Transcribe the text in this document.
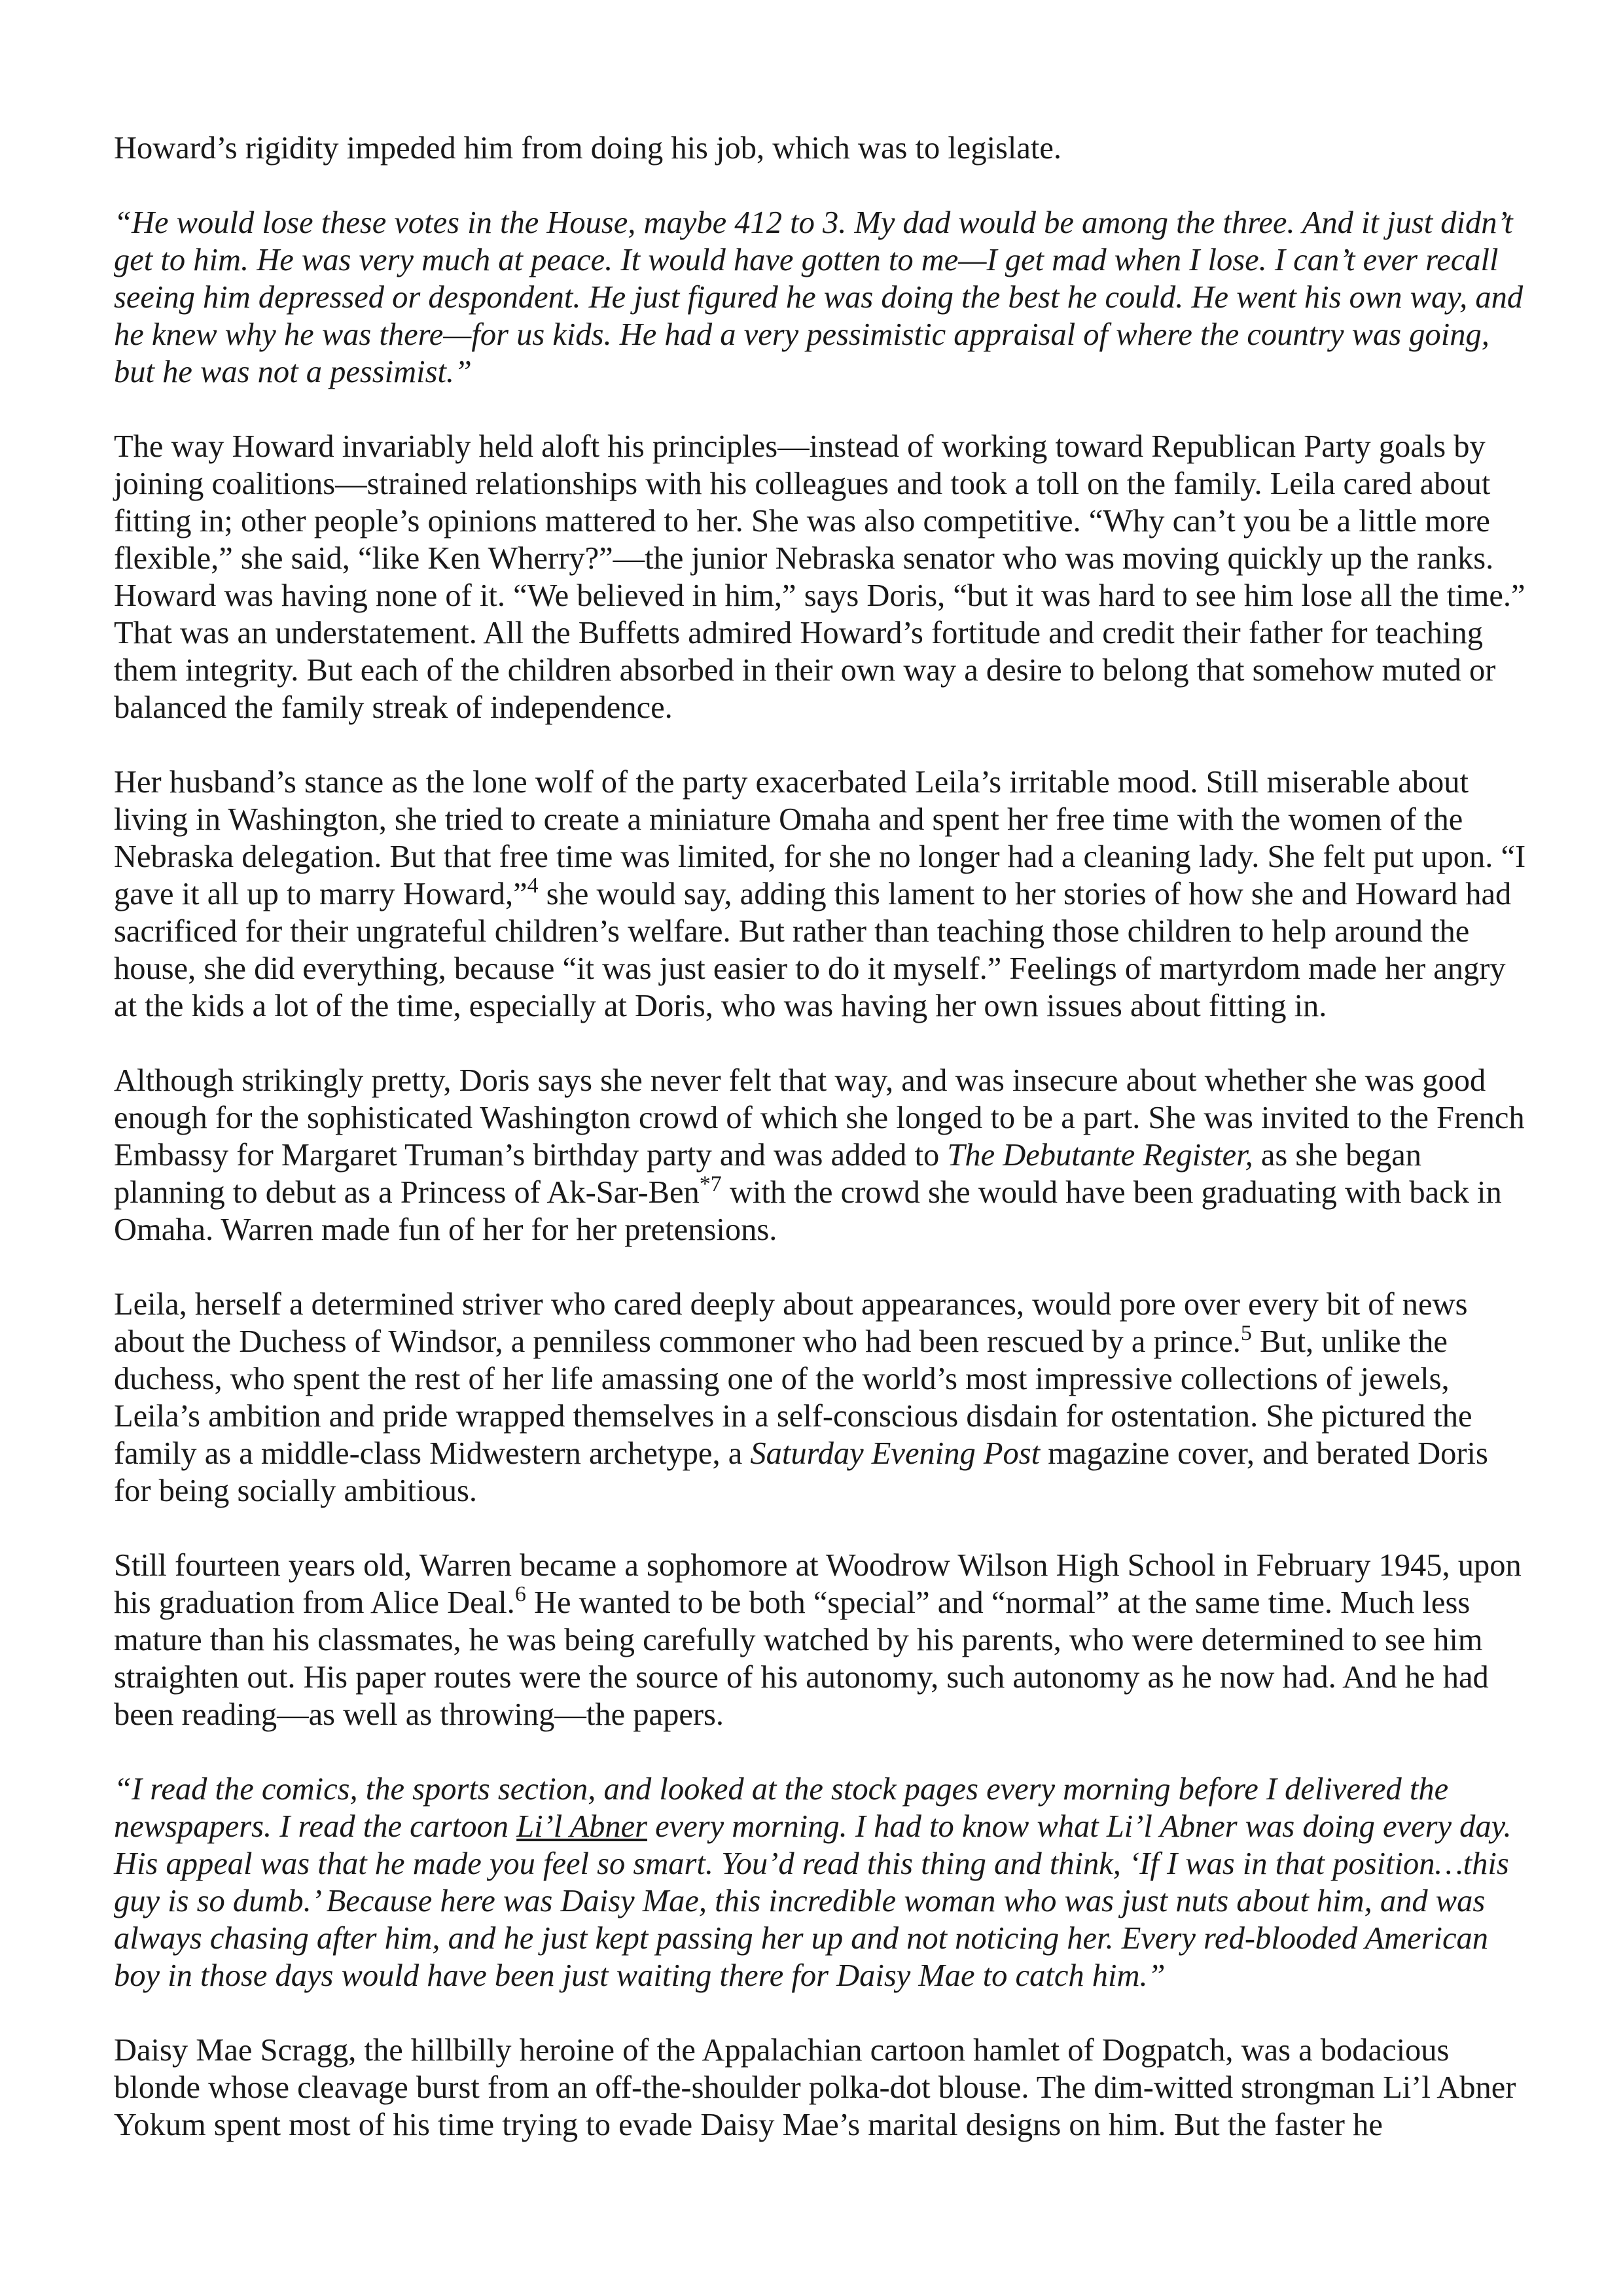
Howard’s rigidity impeded him from doing his job, which was to legislate.

“He would lose these votes in the House, maybe 412 to 3. My dad would be among the three. And it just didn’t get to him. He was very much at peace. It would have gotten to me—I get mad when I lose. I can’t ever recall seeing him depressed or despondent. He just figured he was doing the best he could. He went his own way, and he knew why he was there—for us kids. He had a very pessimistic appraisal of where the country was going, but he was not a pessimist.”

The way Howard invariably held aloft his principles—instead of working toward Republican Party goals by joining coalitions—strained relationships with his colleagues and took a toll on the family. Leila cared about fitting in; other people’s opinions mattered to her. She was also competitive. “Why can’t you be a little more flexible,” she said, “like Ken Wherry?”—the junior Nebraska senator who was moving quickly up the ranks. Howard was having none of it. “We believed in him,” says Doris, “but it was hard to see him lose all the time.” That was an understatement. All the Buffetts admired Howard’s fortitude and credit their father for teaching them integrity. But each of the children absorbed in their own way a desire to belong that somehow muted or balanced the family streak of independence.

Her husband’s stance as the lone wolf of the party exacerbated Leila’s irritable mood. Still miserable about living in Washington, she tried to create a miniature Omaha and spent her free time with the women of the Nebraska delegation. But that free time was limited, for she no longer had a cleaning lady. She felt put upon. “I gave it all up to marry Howard,”$^4$ she would say, adding this lament to her stories of how she and Howard had sacrificed for their ungrateful children’s welfare. But rather than teaching those children to help around the house, she did everything, because “it was just easier to do it myself.” Feelings of martyrdom made her angry at the kids a lot of the time, especially at Doris, who was having her own issues about fitting in.

Although strikingly pretty, Doris says she never felt that way, and was insecure about whether she was good enough for the sophisticated Washington crowd of which she longed to be a part. She was invited to the French Embassy for Margaret Truman’s birthday party and was added to The Debutante Register, as she began planning to debut as a Princess of Ak-Sar-Ben$^{*7}$ with the crowd she would have been graduating with back in Omaha. Warren made fun of her for her pretensions.

Leila, herself a determined striver who cared deeply about appearances, would pore over every bit of news about the Duchess of Windsor, a penniless commoner who had been rescued by a prince.$^5$ But, unlike the duchess, who spent the rest of her life amassing one of the world’s most impressive collections of jewels, Leila’s ambition and pride wrapped themselves in a self-conscious disdain for ostentation. She pictured the family as a middle-class Midwestern archetype, a Saturday Evening Post magazine cover, and berated Doris for being socially ambitious.

Still fourteen years old, Warren became a sophomore at Woodrow Wilson High School in February 1945, upon his graduation from Alice Deal.$^6$ He wanted to be both “special” and “normal” at the same time. Much less mature than his classmates, he was being carefully watched by his parents, who were determined to see him straighten out. His paper routes were the source of his autonomy, such autonomy as he now had. And he had been reading—as well as throwing—the papers.

“I read the comics, the sports section, and looked at the stock pages every morning before I delivered the newspapers. I read the cartoon Li’l Abner every morning. I had to know what Li’l Abner was doing every day. His appeal was that he made you feel so smart. You’d read this thing and think, ‘If I was in that position…this guy is so dumb.’ Because here was Daisy Mae, this incredible woman who was just nuts about him, and was always chasing after him, and he just kept passing her up and not noticing her. Every red-blooded American boy in those days would have been just waiting there for Daisy Mae to catch him.”

Daisy Mae Scragg, the hillbilly heroine of the Appalachian cartoon hamlet of Dogpatch, was a bodacious blonde whose cleavage burst from an off-the-shoulder polka-dot blouse. The dim-witted strongman Li’l Abner Yokum spent most of his time trying to evade Daisy Mae’s marital designs on him. But the faster he
